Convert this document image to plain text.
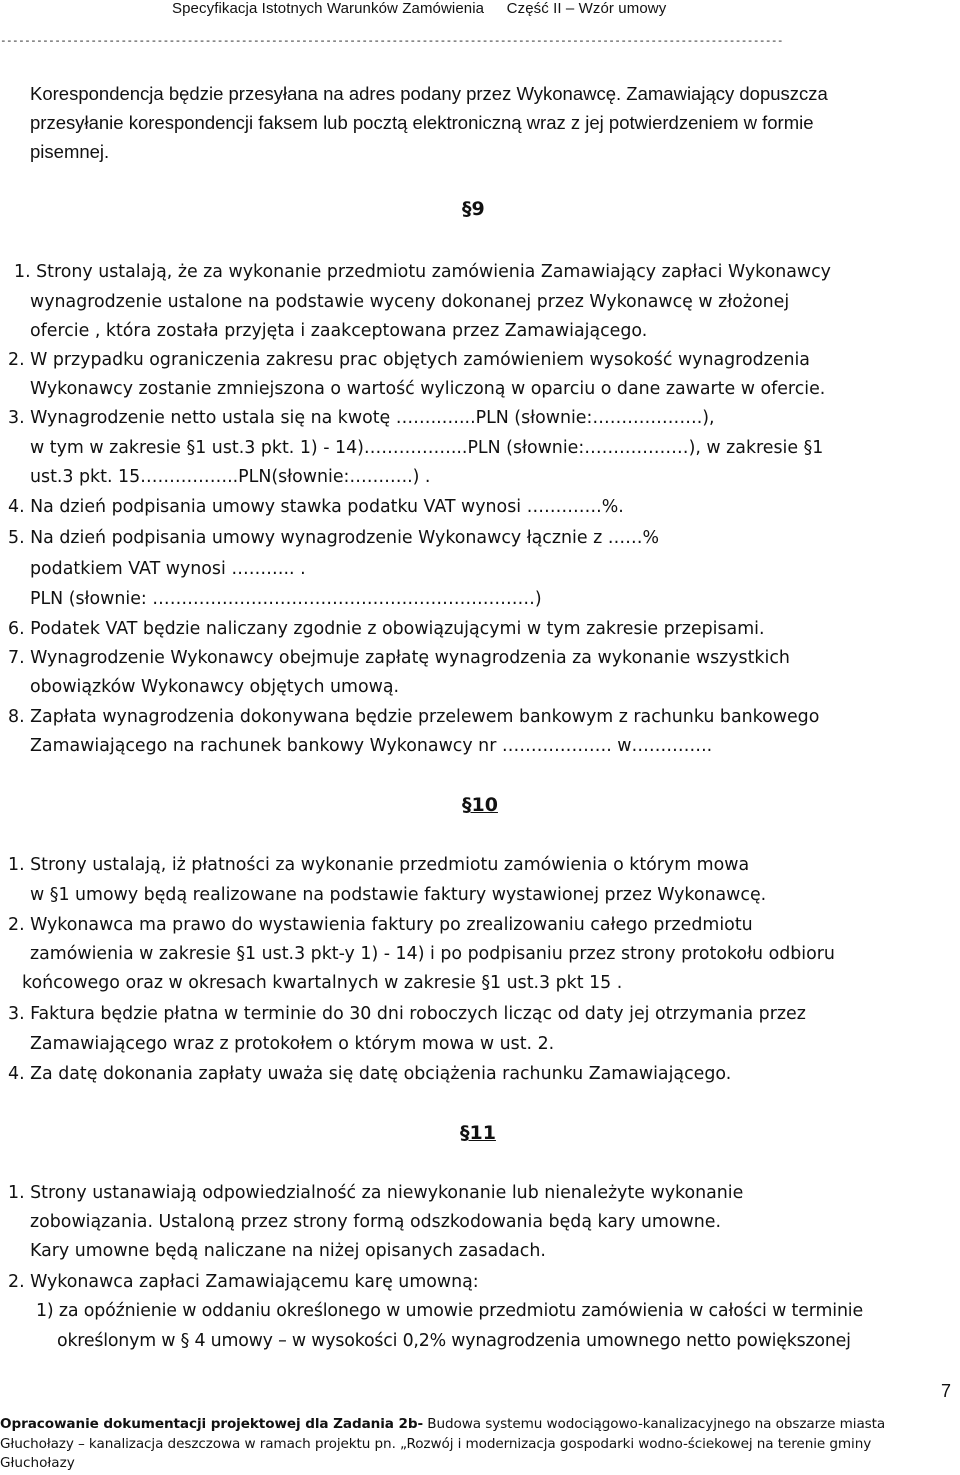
Specyfikacja Istotnych Warunków Zamówienia Część II – Wzór umowy
----------------------------------------------------------------------------------------------------------------------------------
Korespondencja będzie przesyłana na adres podany przez Wykonawcę. Zamawiający dopuszcza
przesyłanie korespondencji faksem lub pocztą elektroniczną wraz z jej potwierdzeniem w formie
pisemnej.
§9
1. Strony ustalają, że za wykonanie przedmiotu zamówienia Zamawiający zapłaci Wykonawcy
wynagrodzenie ustalone na podstawie wyceny dokonanej przez Wykonawcę w złożonej
ofercie , która została przyjęta i zaakceptowana przez Zamawiającego.
2. W przypadku ograniczenia zakresu prac objętych zamówieniem wysokość wynagrodzenia
Wykonawcy zostanie zmniejszona o wartość wyliczoną w oparciu o dane zawarte w ofercie.
3. Wynagrodzenie netto ustala się na kwotę ……..…...PLN (słownie:……………….),
w tym w zakresie §1 ust.3 pkt. 1) - 14)……………...PLN (słownie:………………), w zakresie §1
ust.3 pkt. 15……………..PLN(słownie:………..) .
4. Na dzień podpisania umowy stawka podatku VAT wynosi ………….%.
5. Na dzień podpisania umowy wynagrodzenie Wykonawcy łącznie z ……%
podatkiem VAT wynosi ……….. .
PLN (słownie: …………………………………………………………)
6. Podatek VAT będzie naliczany zgodnie z obowiązującymi w tym zakresie przepisami.
7. Wynagrodzenie Wykonawcy obejmuje zapłatę wynagrodzenia za wykonanie wszystkich
obowiązków Wykonawcy objętych umową.
8. Zapłata wynagrodzenia dokonywana będzie przelewem bankowym z rachunku bankowego
Zamawiającego na rachunek bankowy Wykonawcy nr ………………. w…………..
§10
1. Strony ustalają, iż płatności za wykonanie przedmiotu zamówienia o którym mowa
w §1 umowy będą realizowane na podstawie faktury wystawionej przez Wykonawcę.
2. Wykonawca ma prawo do wystawienia faktury po zrealizowaniu całego przedmiotu
zamówienia w zakresie §1 ust.3 pkt-y 1) - 14) i po podpisaniu przez strony protokołu odbioru
końcowego oraz w okresach kwartalnych w zakresie §1 ust.3 pkt 15 .
3. Faktura będzie płatna w terminie do 30 dni roboczych licząc od daty jej otrzymania przez
Zamawiającego wraz z protokołem o którym mowa w ust. 2.
4. Za datę dokonania zapłaty uważa się datę obciążenia rachunku Zamawiającego.
§11
1. Strony ustanawiają odpowiedzialność za niewykonanie lub nienależyte wykonanie
zobowiązania. Ustaloną przez strony formą odszkodowania będą kary umowne.
Kary umowne będą naliczane na niżej opisanych zasadach.
2. Wykonawca zapłaci Zamawiającemu karę umowną:
1) za opóźnienie w oddaniu określonego w umowie przedmiotu zamówienia w całości w terminie
określonym w § 4 umowy – w wysokości 0,2% wynagrodzenia umownego netto powiększonej
7
Opracowanie dokumentacji projektowej dla Zadania 2b- Budowa systemu wodociągowo-kanalizacyjnego na obszarze miasta
Głuchołazy – kanalizacja deszczowa w ramach projektu pn. „Rozwój i modernizacja gospodarki wodno-ściekowej na terenie gminy
Głuchołazy
